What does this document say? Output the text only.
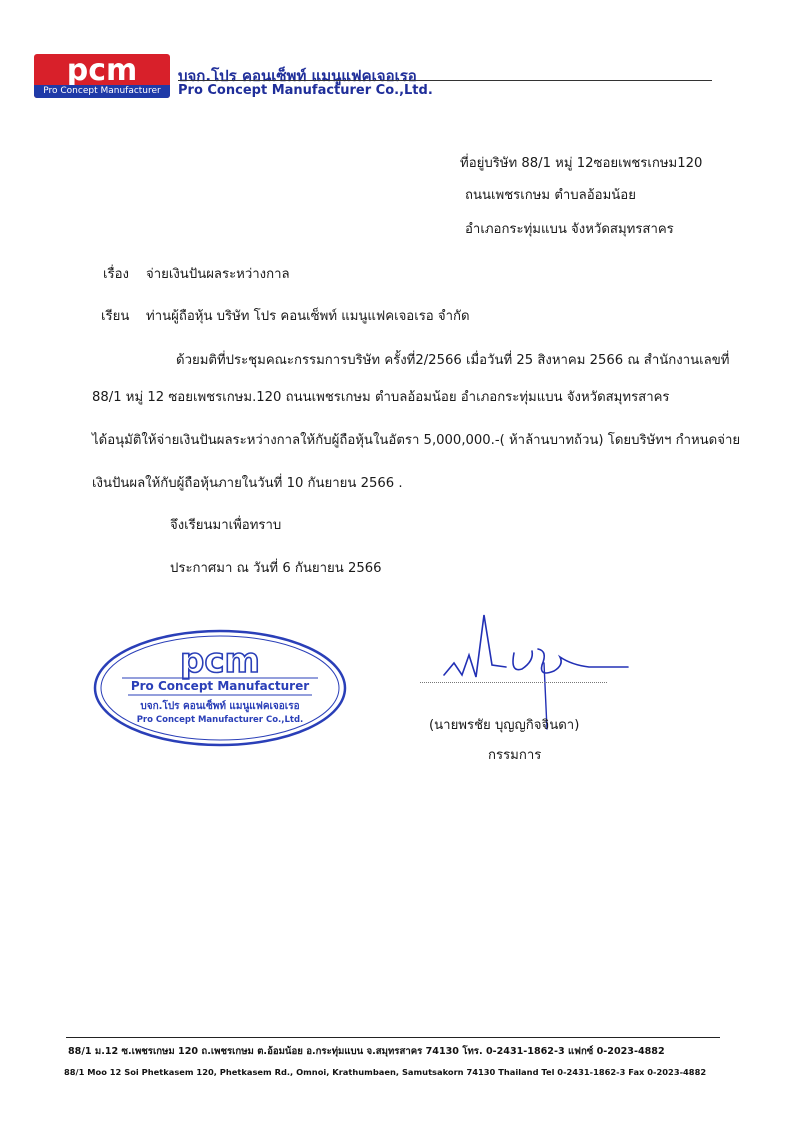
pcm
Pro Concept Manufacturer
บจก.โปร คอนเซ็พท์ แมนูแฟคเจอเรอ
Pro Concept Manufacturer Co.,Ltd.
ที่อยู่บริษัท 88/1 หมู่ 12ซอยเพชรเกษม120
ถนนเพชรเกษม ตำบลอ้อมน้อย
อำเภอกระทุ่มแบน จังหวัดสมุทรสาคร
เรื่อง จ่ายเงินปันผลระหว่างกาล
เรียน ท่านผู้ถือหุ้น บริษัท โปร คอนเซ็พท์ แมนูแฟคเจอเรอ จำกัด
ด้วยมติที่ประชุมคณะกรรมการบริษัท ครั้งที่2/2566 เมื่อวันที่ 25 สิงหาคม 2566 ณ สำนักงานเลขที่
88/1 หมู่ 12 ซอยเพชรเกษม.120 ถนนเพชรเกษม ตำบลอ้อมน้อย อำเภอกระทุ่มแบน จังหวัดสมุทรสาคร
ได้อนุมัติให้จ่ายเงินปันผลระหว่างกาลให้กับผู้ถือหุ้นในอัตรา 5,000,000.-( ห้าล้านบาทถ้วน) โดยบริษัทฯ กำหนดจ่าย
เงินปันผลให้กับผู้ถือหุ้นภายในวันที่ 10 กันยายน 2566 .
จึงเรียนมาเพื่อทราบ
ประกาศมา ณ วันที่ 6 กันยายน 2566
pcm
Pro Concept Manufacturer
บจก.โปร คอนเซ็พท์ แมนูแฟคเจอเรอ
Pro Concept Manufacturer Co.,Ltd.	(นายพรชัย บุญญกิจจินดา)
กรรมการ
88/1 ม.12 ซ.เพชรเกษม 120 ถ.เพชรเกษม ต.อ้อมน้อย อ.กระทุ่มแบน จ.สมุทรสาคร 74130 โทร. 0-2431-1862-3 แฟกซ์ 0-2023-4882
88/1 Moo 12 Soi Phetkasem 120, Phetkasem Rd., Omnoi, Krathumbaen, Samutsakorn 74130 Thailand Tel 0-2431-1862-3 Fax 0-2023-4882
